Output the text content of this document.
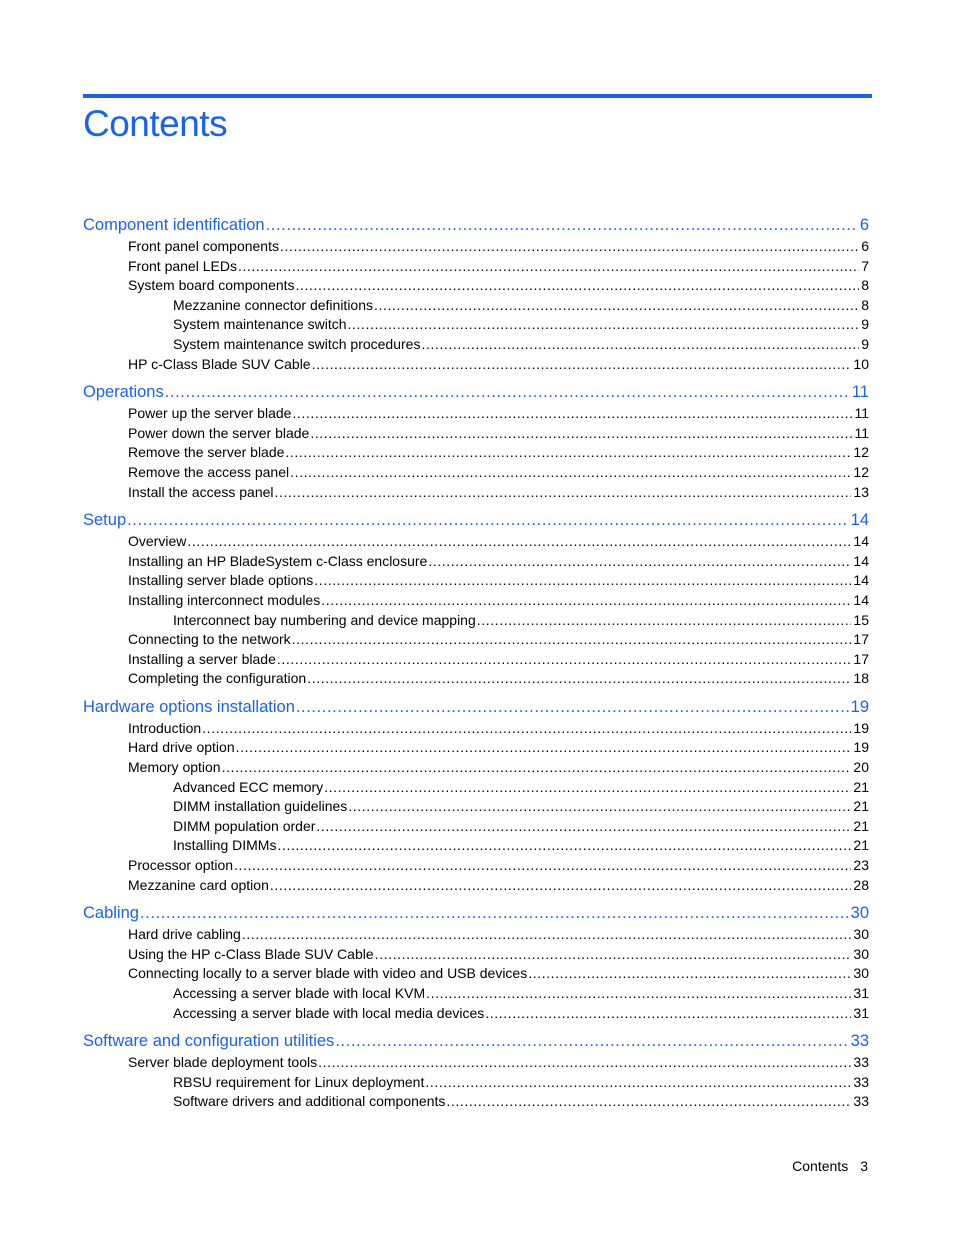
Contents
Component identification .....	6
Front panel components .....	6
Front panel LEDs .....	7
System board components .....	8
Mezzanine connector definitions .....	8
System maintenance switch .....	9
System maintenance switch procedures .....	9
HP c-Class Blade SUV Cable .....	10
Operations .....	11
Power up the server blade .....	11
Power down the server blade .....	11
Remove the server blade .....	12
Remove the access panel .....	12
Install the access panel .....	13
Setup .....	14
Overview .....	14
Installing an HP BladeSystem c-Class enclosure .....	14
Installing server blade options .....	14
Installing interconnect modules .....	14
Interconnect bay numbering and device mapping .....	15
Connecting to the network .....	17
Installing a server blade .....	17
Completing the configuration .....	18
Hardware options installation .....	19
Introduction .....	19
Hard drive option .....	19
Memory option .....	20
Advanced ECC memory .....	21
DIMM installation guidelines .....	21
DIMM population order .....	21
Installing DIMMs .....	21
Processor option .....	23
Mezzanine card option .....	28
Cabling .....	30
Hard drive cabling .....	30
Using the HP c-Class Blade SUV Cable .....	30
Connecting locally to a server blade with video and USB devices .....	30
Accessing a server blade with local KVM .....	31
Accessing a server blade with local media devices .....	31
Software and configuration utilities .....	33
Server blade deployment tools .....	33
RBSU requirement for Linux deployment .....	33
Software drivers and additional components .....	33
Contents 3
